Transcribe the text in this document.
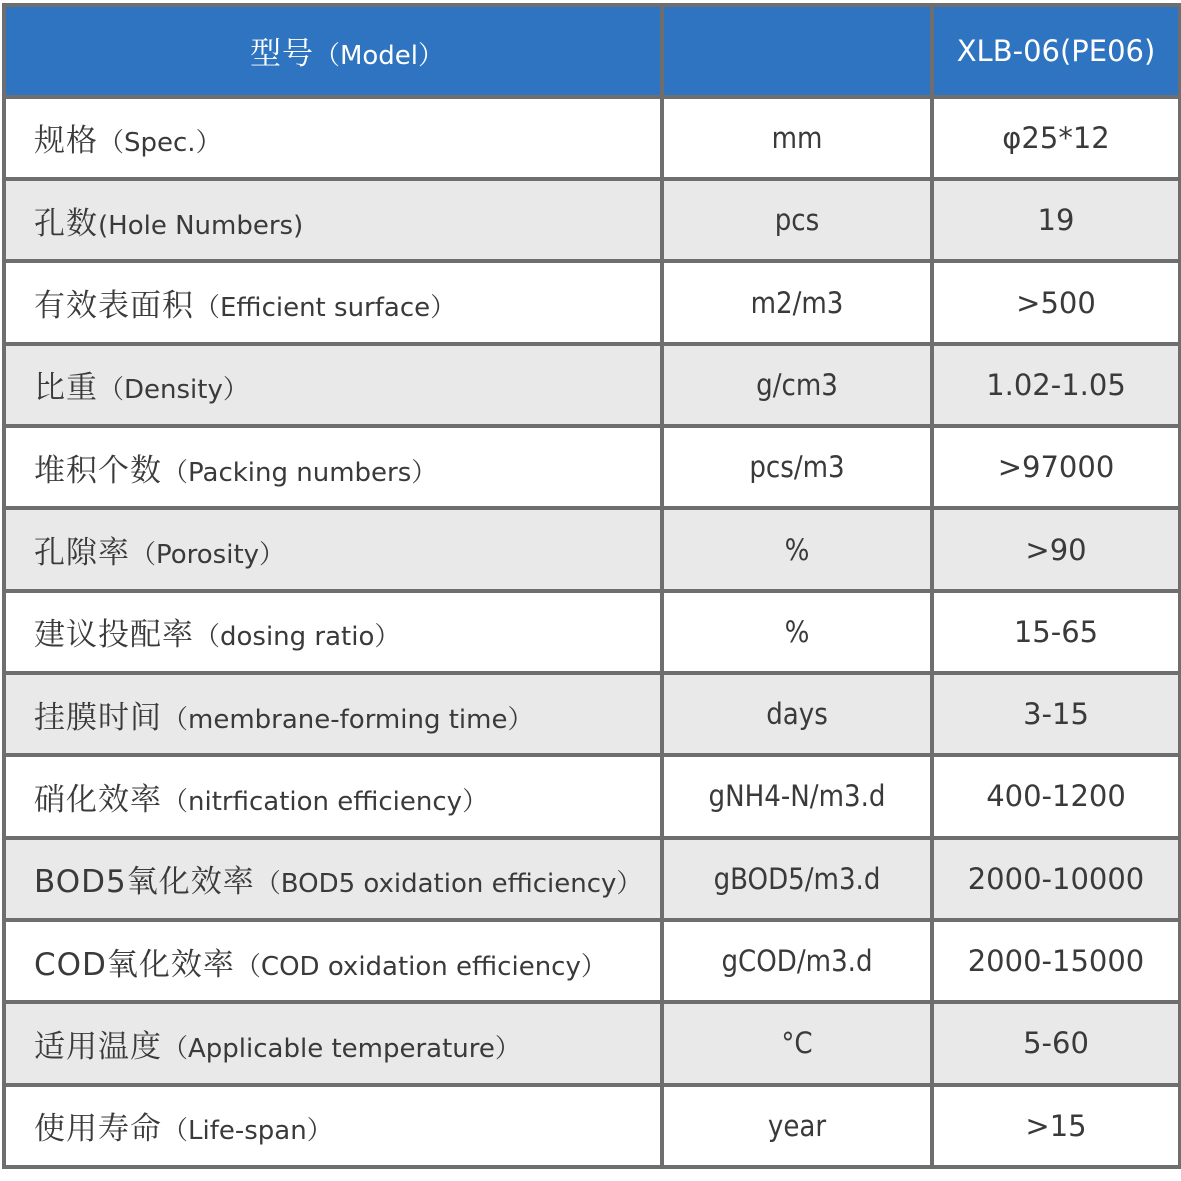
型号（Model）		XLB-06(PE06)
规格（Spec.）	mm	φ25*12
孔数(Hole Numbers)	pcs	19
有效表面积（Efficient surface）	m2/m3	>500
比重（Density）	g/cm3	1.02-1.05
堆积个数（Packing numbers）	pcs/m3	>97000
孔隙率（Porosity）	%	>90
建议投配率（dosing ratio）	%	15-65
挂膜时间（membrane-forming time）	days	3-15
硝化效率（nitrfication efficiency）	gNH4-N/m3.d	400-1200
BOD5氧化效率（BOD5 oxidation efficiency）	gBOD5/m3.d	2000-10000
COD氧化效率（COD oxidation efficiency）	gCOD/m3.d	2000-15000
适用温度（Applicable temperature）	°C	5-60
使用寿命（Life-span）	year	>15
